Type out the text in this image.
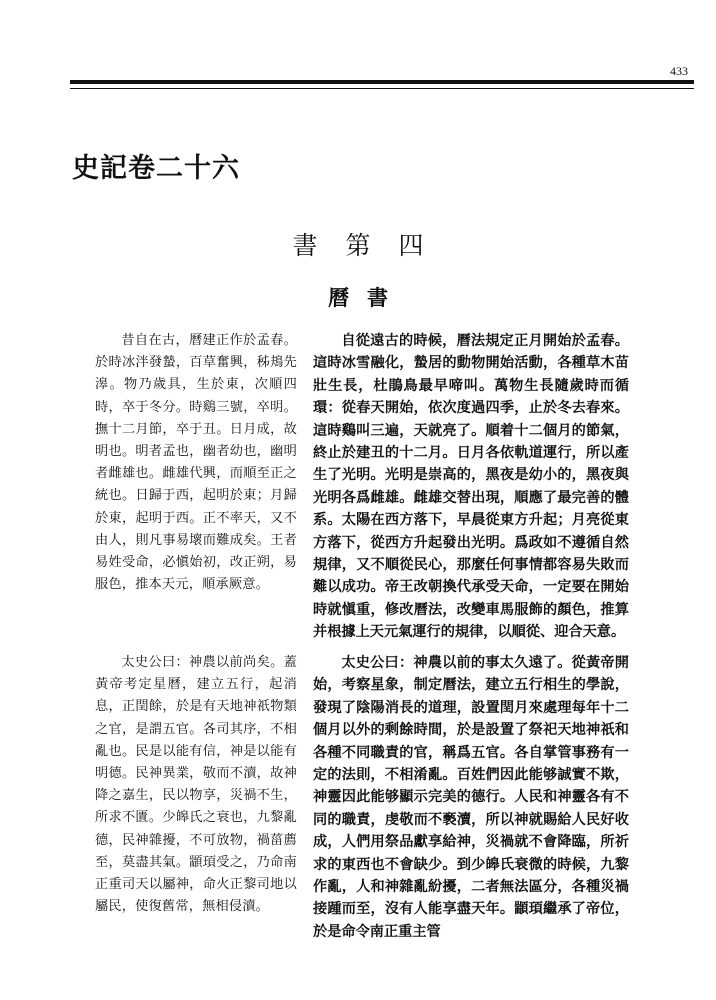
433
史記卷二十六
書第四
曆書

昔自在古，曆建正作於孟春。於時冰泮發蟄，百草奮興，秭鳺先滜。物乃歲具，生於東，次順四時，卒于冬分。時鷄三號，卒明。撫十二月節，卒于丑。日月成，故明也。明者孟也，幽者幼也，幽明者雌雄也。雌雄代興，而順至正之統也。日歸于西，起明於東；月歸於東，起明于西。正不率天，又不由人，則凡事易壞而難成矣。王者易姓受命，必愼始初，改正朔，易服色，推本天元，順承厥意。

太史公曰：神農以前尚矣。蓋黃帝考定星曆，建立五行，起消息，正閏餘，於是有天地神祇物類之官，是謂五官。各司其序，不相亂也。民是以能有信，神是以能有明德。民神異業，敬而不瀆，故神降之嘉生，民以物享，災禍不生，所求不匱。少皞氏之衰也，九黎亂德，民神雜擾，不可放物，禍菑薦至，莫盡其氣。顓頊受之，乃命南正重司天以屬神，命火正黎司地以屬民，使復舊常，無相侵瀆。

自從遠古的時候，曆法規定正月開始於孟春。這時冰雪融化，蟄居的動物開始活動，各種草木苗壯生長，杜鵑鳥最早啼叫。萬物生長隨歲時而循環：從春天開始，依次度過四季，止於冬去春來。這時鷄叫三遍，天就亮了。順着十二個月的節氣，終止於建丑的十二月。日月各依軌道運行，所以產生了光明。光明是崇高的，黑夜是幼小的，黑夜與光明各爲雌雄。雌雄交替出現，順應了最完善的體系。太陽在西方落下，早晨從東方升起；月亮從東方落下，從西方升起發出光明。爲政如不遵循自然規律，又不順從民心，那麼任何事情都容易失敗而難以成功。帝王改朝換代承受天命，一定要在開始時就愼重，修改曆法，改變車馬服飾的顏色，推算并根據上天元氣運行的規律，以順從、迎合天意。

太史公曰：神農以前的事太久遠了。從黃帝開始，考察星象，制定曆法，建立五行相生的學說，發現了陰陽消長的道理，設置閏月來處理每年十二個月以外的剩餘時間，於是設置了祭祀天地神祇和各種不同職責的官，稱爲五官。各自掌管事務有一定的法則，不相淆亂。百姓們因此能够誠實不欺，神靈因此能够顯示完美的德行。人民和神靈各有不同的職責，虔敬而不褻瀆，所以神就賜給人民好收成，人們用祭品獻享給神，災禍就不會降臨，所祈求的東西也不會缺少。到少皞氏衰微的時候，九黎作亂，人和神雜亂紛擾，二者無法區分，各種災禍接踵而至，沒有人能享盡天年。顓頊繼承了帝位，於是命令南正重主管
